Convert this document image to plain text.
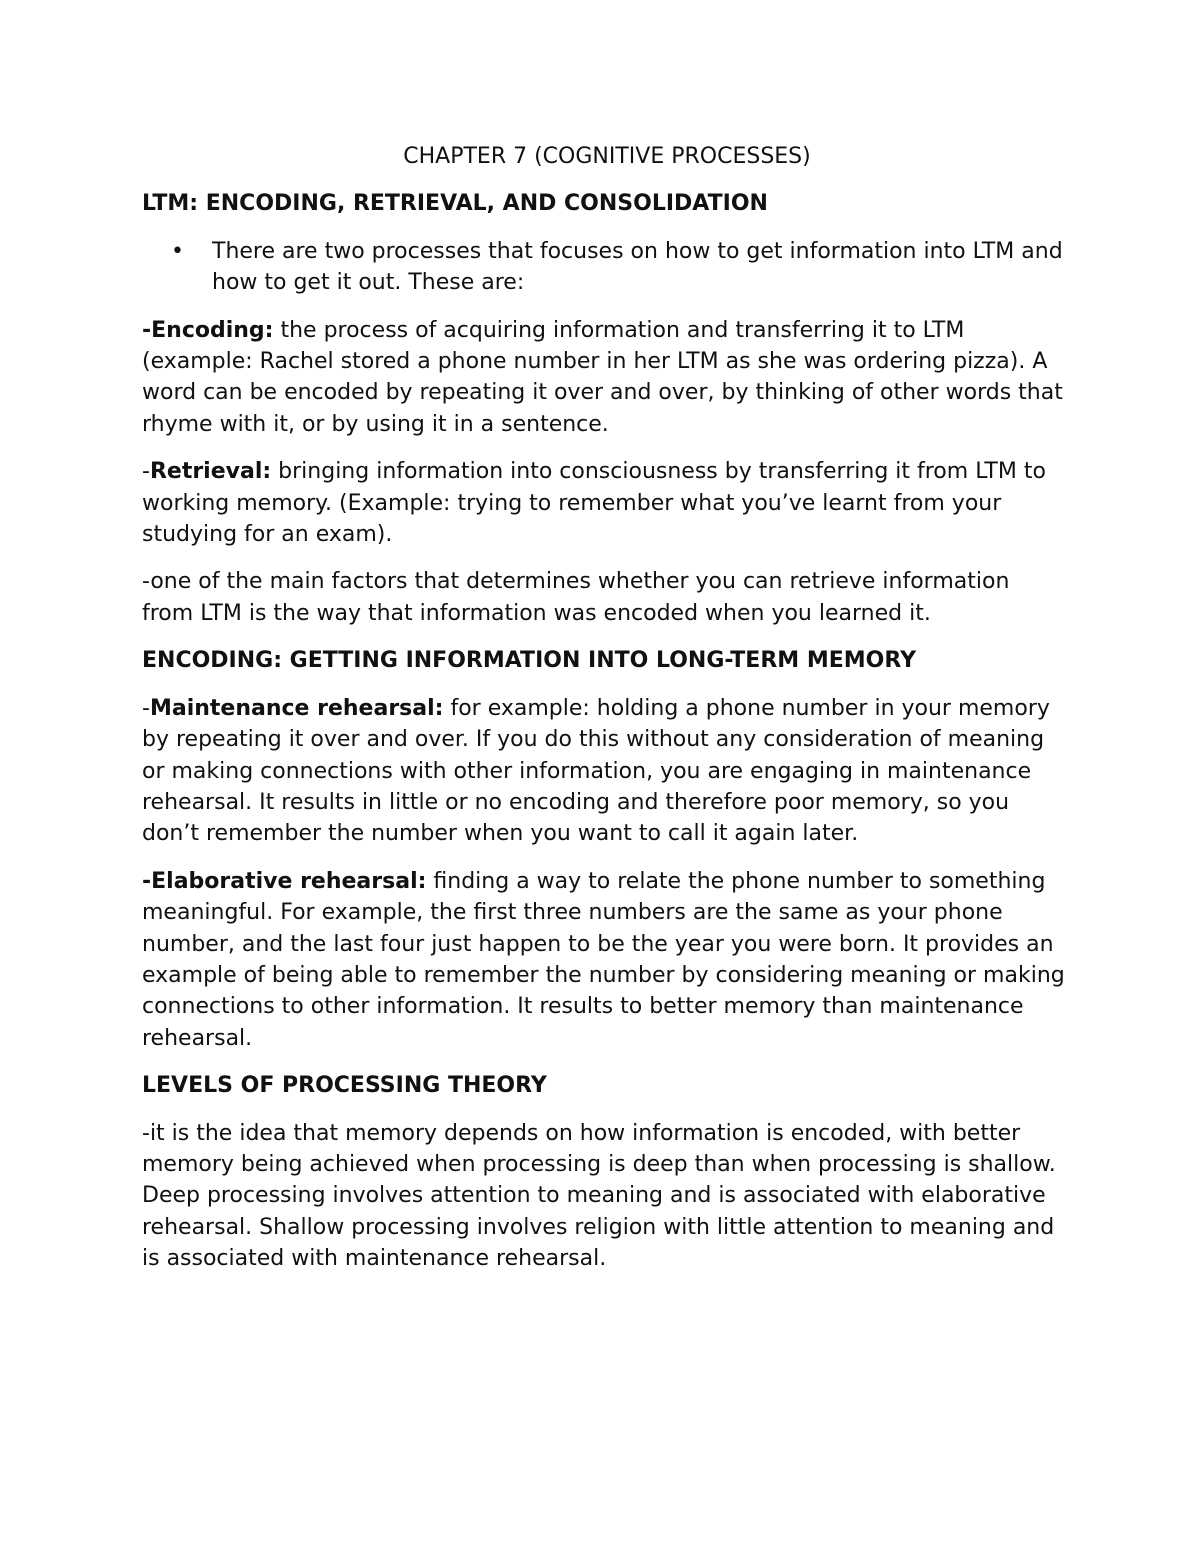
CHAPTER 7 (COGNITIVE PROCESSES)
LTM: ENCODING, RETRIEVAL, AND CONSOLIDATION
• There are two processes that focuses on how to get information into LTM and how to get it out. These are:

-Encoding: the process of acquiring information and transferring it to LTM (example: Rachel stored a phone number in her LTM as she was ordering pizza). A word can be encoded by repeating it over and over, by thinking of other words that rhyme with it, or by using it in a sentence.

-Retrieval: bringing information into consciousness by transferring it from LTM to working memory. (Example: trying to remember what you’ve learnt from your studying for an exam).

-one of the main factors that determines whether you can retrieve information from LTM is the way that information was encoded when you learned it.

ENCODING: GETTING INFORMATION INTO LONG-TERM MEMORY

-Maintenance rehearsal: for example: holding a phone number in your memory by repeating it over and over. If you do this without any consideration of meaning or making connections with other information, you are engaging in maintenance rehearsal. It results in little or no encoding and therefore poor memory, so you don’t remember the number when you want to call it again later.

-Elaborative rehearsal: finding a way to relate the phone number to something meaningful. For example, the first three numbers are the same as your phone number, and the last four just happen to be the year you were born. It provides an example of being able to remember the number by considering meaning or making connections to other information. It results to better memory than maintenance rehearsal.

LEVELS OF PROCESSING THEORY

-it is the idea that memory depends on how information is encoded, with better memory being achieved when processing is deep than when processing is shallow. Deep processing involves attention to meaning and is associated with elaborative rehearsal. Shallow processing involves religion with little attention to meaning and is associated with maintenance rehearsal.
